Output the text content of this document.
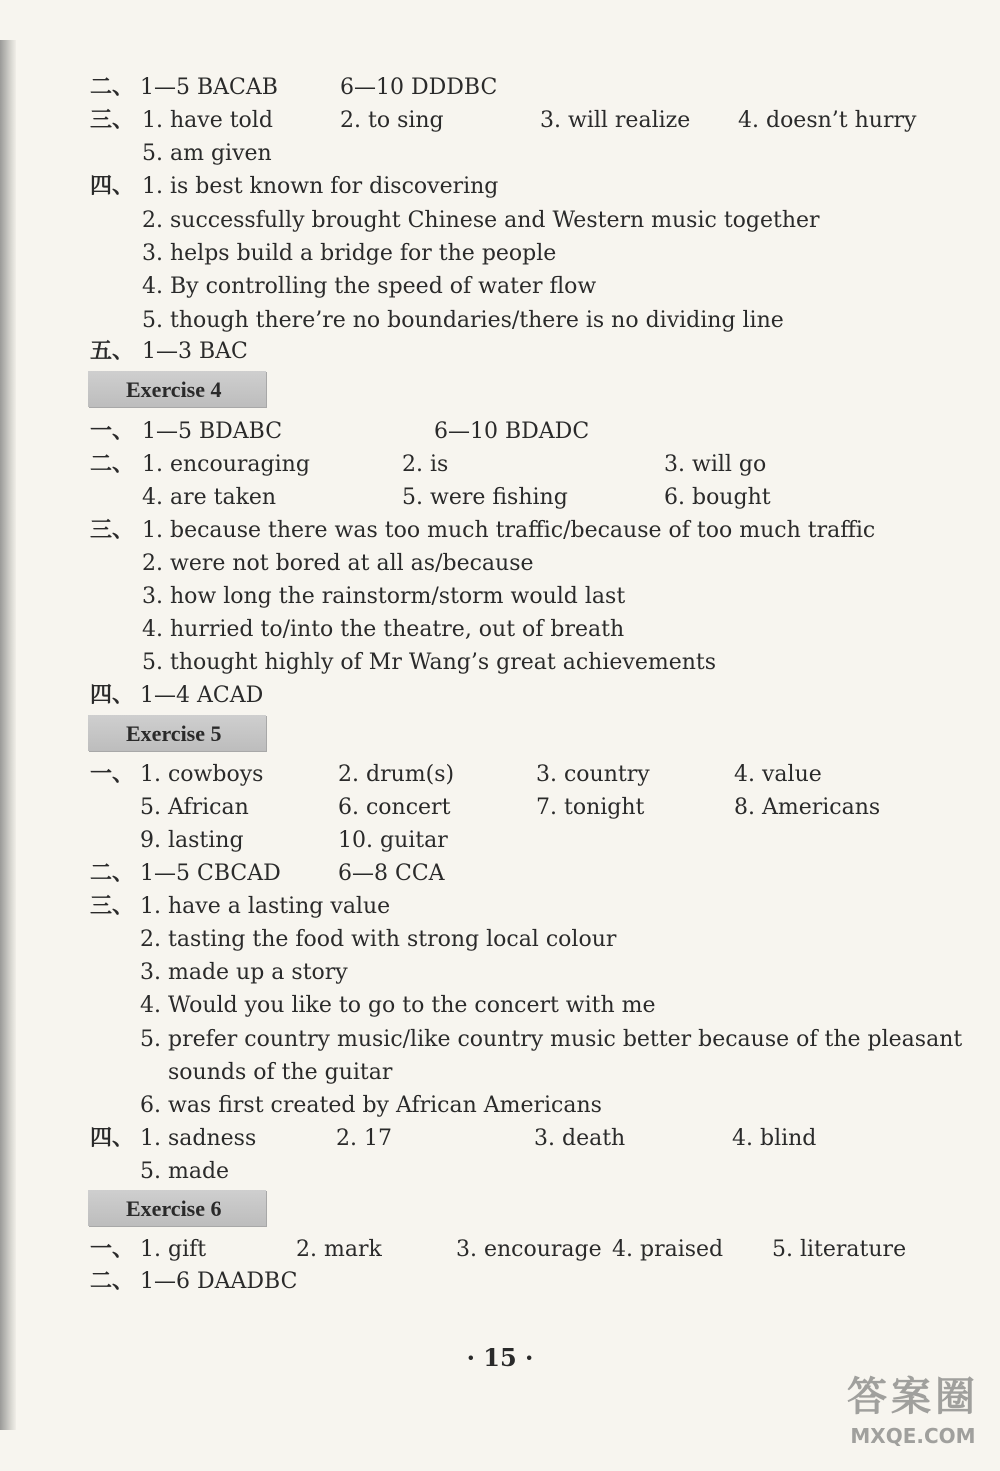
二、 1—5 BACAB	6—10 DDDBC
三、 1. have told	2. to sing	3. will realize 4. doesn’t hurry
5. am given
四、 1. is best known for discovering
2. successfully brought Chinese and Western music together
3. helps build a bridge for the people
4. By controlling the speed of water flow
5. though there’re no boundaries/there is no dividing line
五、 1—3 BAC
Exercise 4
一、 1—5 BDABC	6—10 BDADC
二、 1. encouraging	2. is	3. will go
4. are taken	5. were fishing	6. bought
三、 1. because there was too much traffic/because of too much traffic
2. were not bored at all as/because
3. how long the rainstorm/storm would last
4. hurried to/into the theatre, out of breath
5. thought highly of Mr Wang’s great achievements
四、 1—4 ACAD
Exercise 5
一、 1. cowboys	2. drum(s)	3. country	4. value
5. African	6. concert	7. tonight	8. Americans
9. lasting	10. guitar
二、 1—5 CBCAD	6—8 CCA
三、 1. have a lasting value
2. tasting the food with strong local colour
3. made up a story
4. Would you like to go to the concert with me
5. prefer country music/like country music better because of the pleasant
sounds of the guitar
6. was first created by African Americans
四、 1. sadness	2. 17	3. death	4. blind
5. made
Exercise 6
一、 1. gift	2. mark	3. encourage 4. praised 5. literature
二、 1—6 DAADBC
· 15 ·
答案圈
MXQE.COM
